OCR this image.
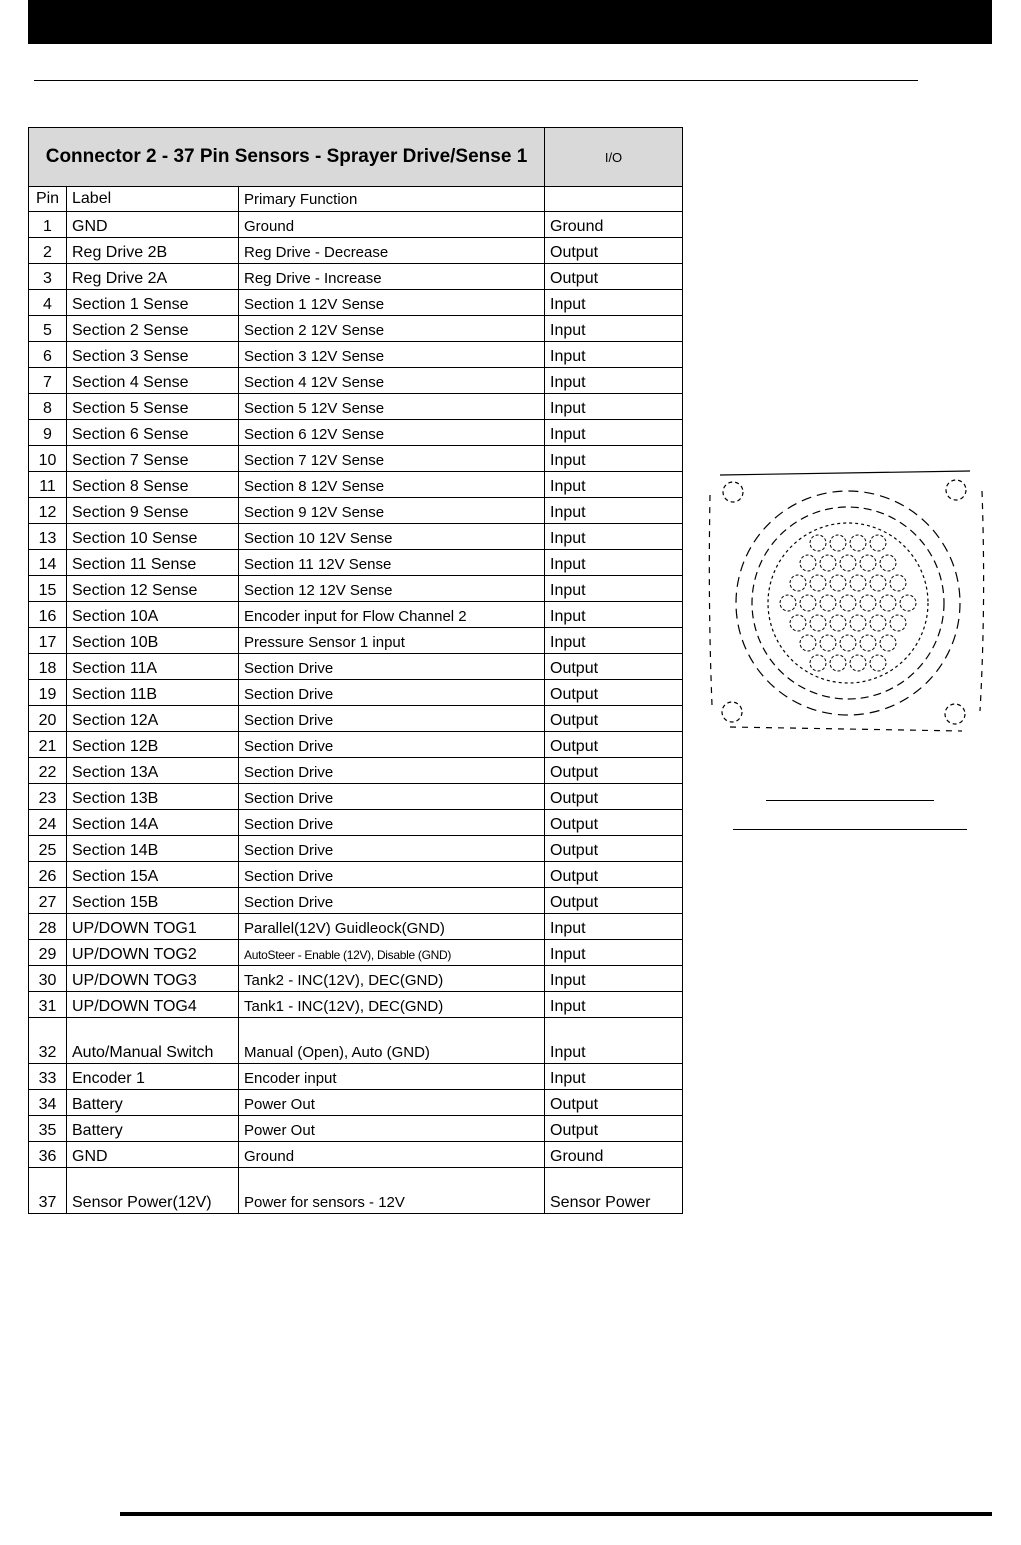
Connector 2 - 37 Pin Sensors - Sprayer Drive/Sense 1			I/O
Pin	Label	Primary Function	
1	GND	Ground	Ground
2	Reg Drive 2B	Reg Drive - Decrease	Output
3	Reg Drive 2A	Reg Drive - Increase	Output
4	Section 1 Sense	Section 1 12V Sense	Input
5	Section 2 Sense	Section 2 12V Sense	Input
6	Section 3 Sense	Section 3 12V Sense	Input
7	Section 4 Sense	Section 4 12V Sense	Input
8	Section 5 Sense	Section 5 12V Sense	Input
9	Section 6 Sense	Section 6 12V Sense	Input
10	Section 7 Sense	Section 7 12V Sense	Input
11	Section 8 Sense	Section 8 12V Sense	Input
12	Section 9 Sense	Section 9 12V Sense	Input
13	Section 10 Sense	Section 10 12V Sense	Input
14	Section 11 Sense	Section 11 12V Sense	Input
15	Section 12 Sense	Section 12 12V Sense	Input
16	Section 10A	Encoder input for Flow Channel 2	Input
17	Section 10B	Pressure Sensor 1 input	Input
18	Section 11A	Section Drive	Output
19	Section 11B	Section Drive	Output
20	Section 12A	Section Drive	Output
21	Section 12B	Section Drive	Output
22	Section 13A	Section Drive	Output
23	Section 13B	Section Drive	Output
24	Section 14A	Section Drive	Output
25	Section 14B	Section Drive	Output
26	Section 15A	Section Drive	Output
27	Section 15B	Section Drive	Output
28	UP/DOWN TOG1	Parallel(12V) Guidleock(GND)	Input
29	UP/DOWN TOG2	AutoSteer - Enable (12V), Disable (GND)	Input
30	UP/DOWN TOG3	Tank2 - INC(12V), DEC(GND)	Input
31	UP/DOWN TOG4	Tank1 - INC(12V), DEC(GND)	Input
32	Auto/Manual Switch	Manual (Open), Auto (GND)	Input
33	Encoder 1	Encoder input	Input
34	Battery	Power Out	Output
35	Battery	Power Out	Output
36	GND	Ground	Ground
37	Sensor Power(12V)	Power for sensors - 12V	Sensor Power
